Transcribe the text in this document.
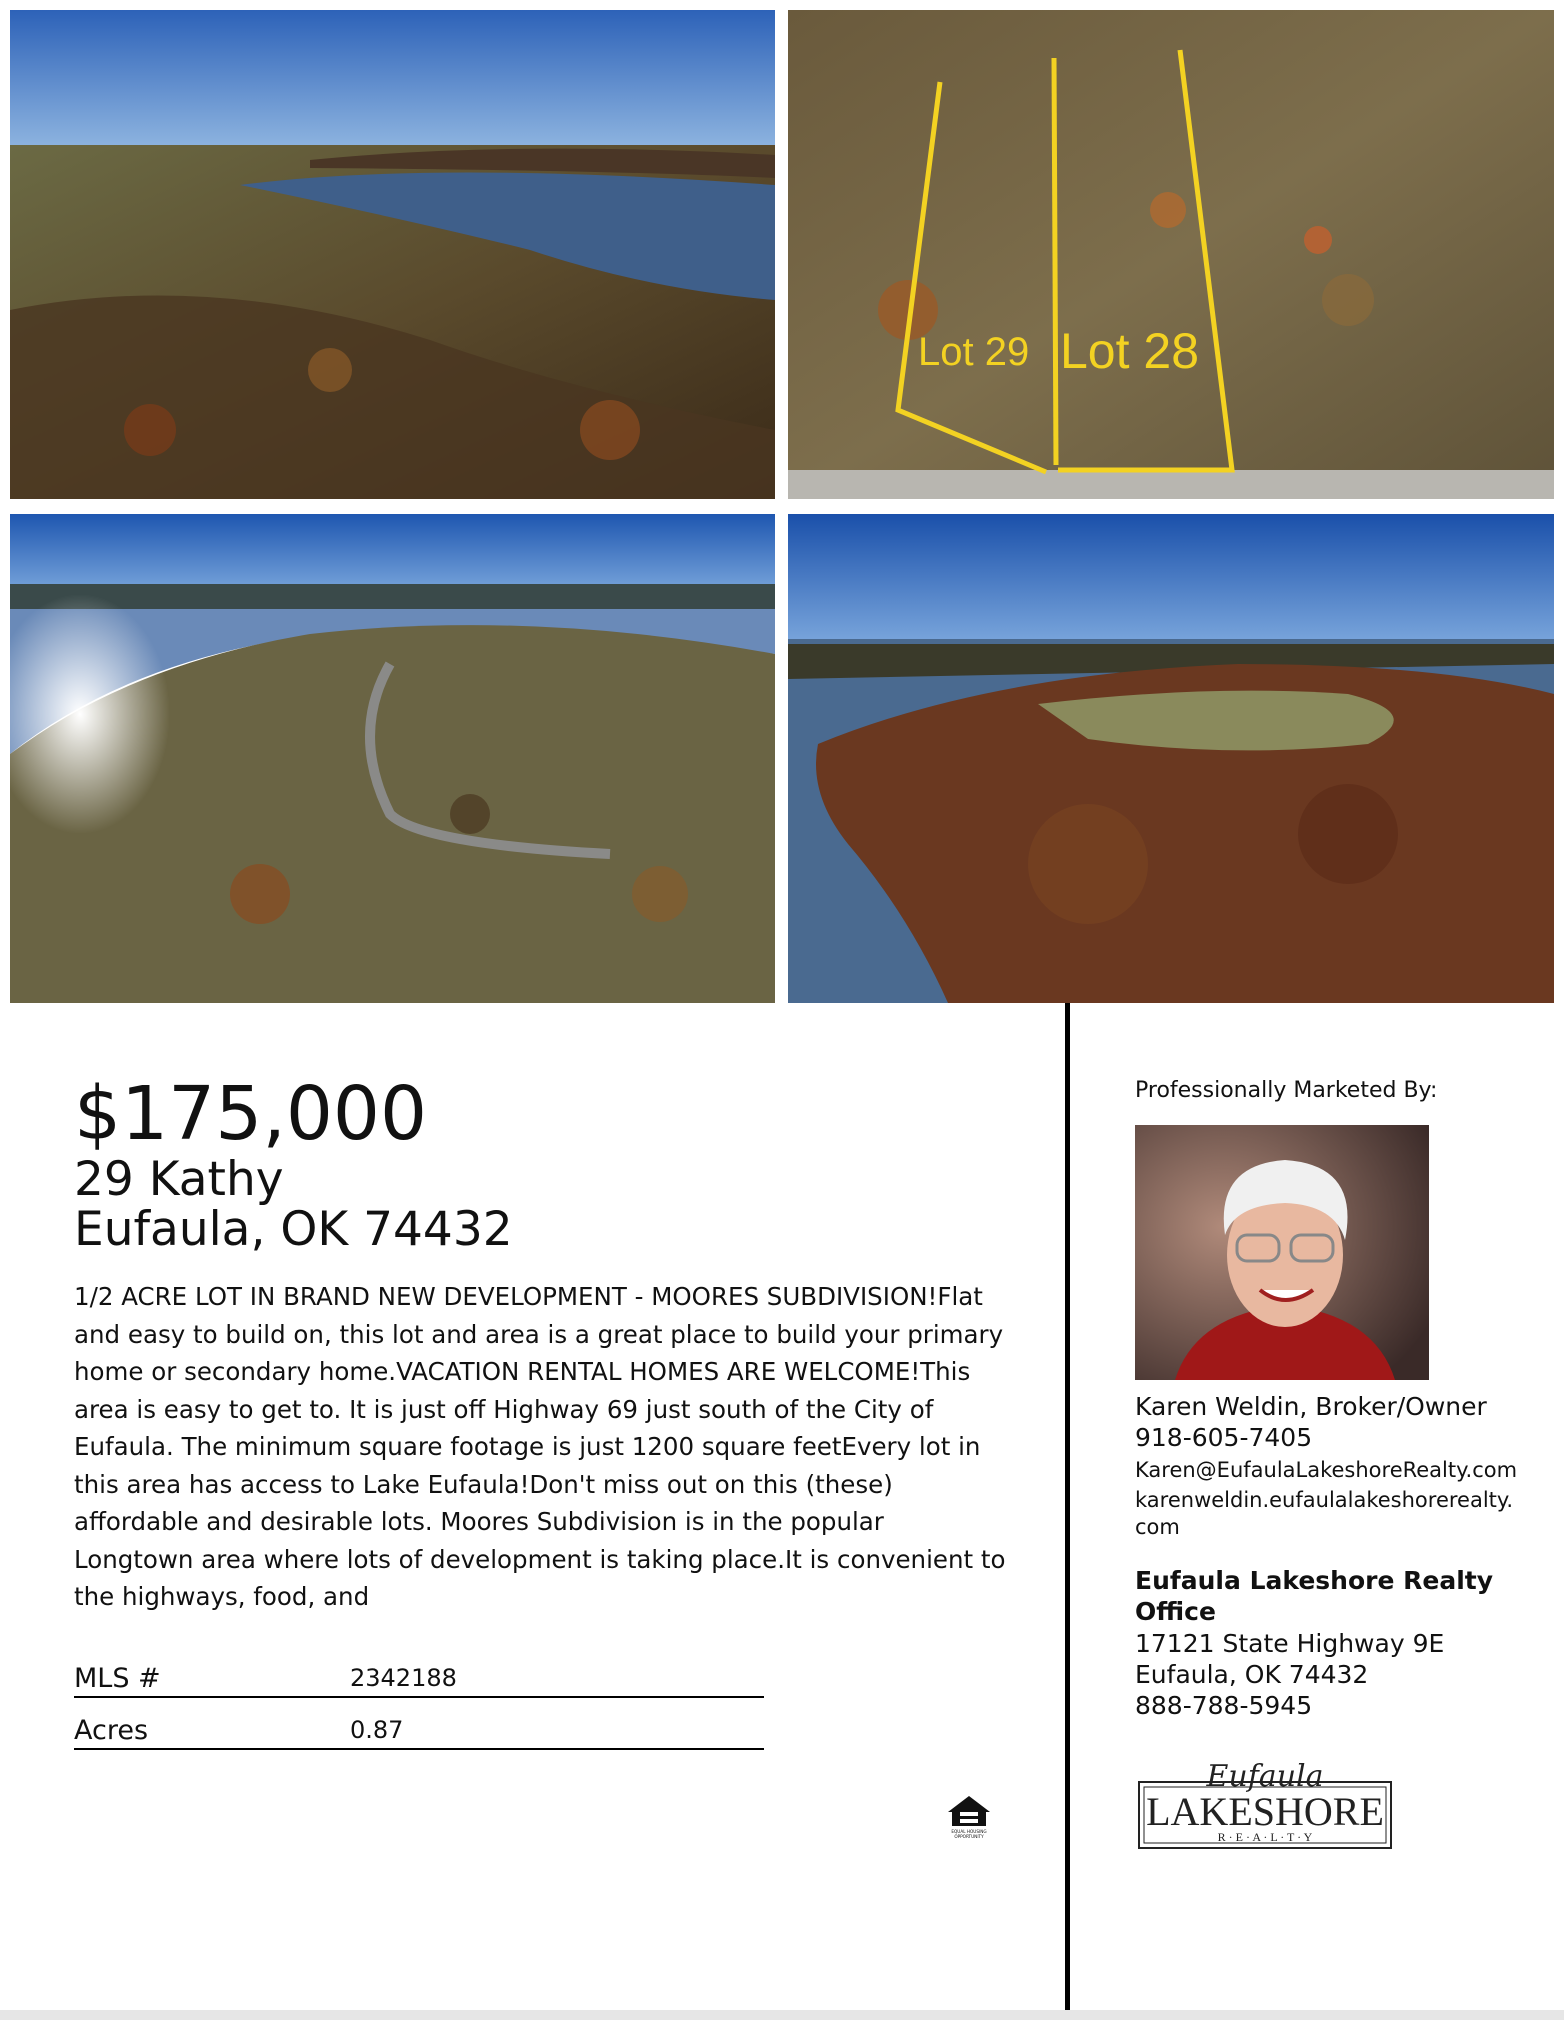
Lot 29 Lot 28
$175,000
29 Kathy
Eufaula, OK 74432
1/2 ACRE LOT IN BRAND NEW DEVELOPMENT - MOORES SUBDIVISION!Flat and easy to build on, this lot and area is a great place to build your primary home or secondary home.VACATION RENTAL HOMES ARE WELCOME!This area is easy to get to. It is just off Highway 69 just south of the City of Eufaula. The minimum square footage is just 1200 square feetEvery lot in this area has access to Lake Eufaula!Don't miss out on this (these) affordable and desirable lots. Moores Subdivision is in the popular Longtown area where lots of development is taking place.It is convenient to the highways, food, and
MLS #	2342188
Acres	0.87
EQUAL HOUSING
OPPORTUNITY
Professionally Marketed By:
Karen Weldin, Broker/Owner
918-605-7405
Karen@EufaulaLakeshoreRealty.com
karenweldin.eufaulalakeshorerealty.
com
Eufaula Lakeshore Realty Office
17121 State Highway 9E
Eufaula, OK 74432
888-788-5945
Eufaula
LAKESHORE
R · E · A · L · T · Y
